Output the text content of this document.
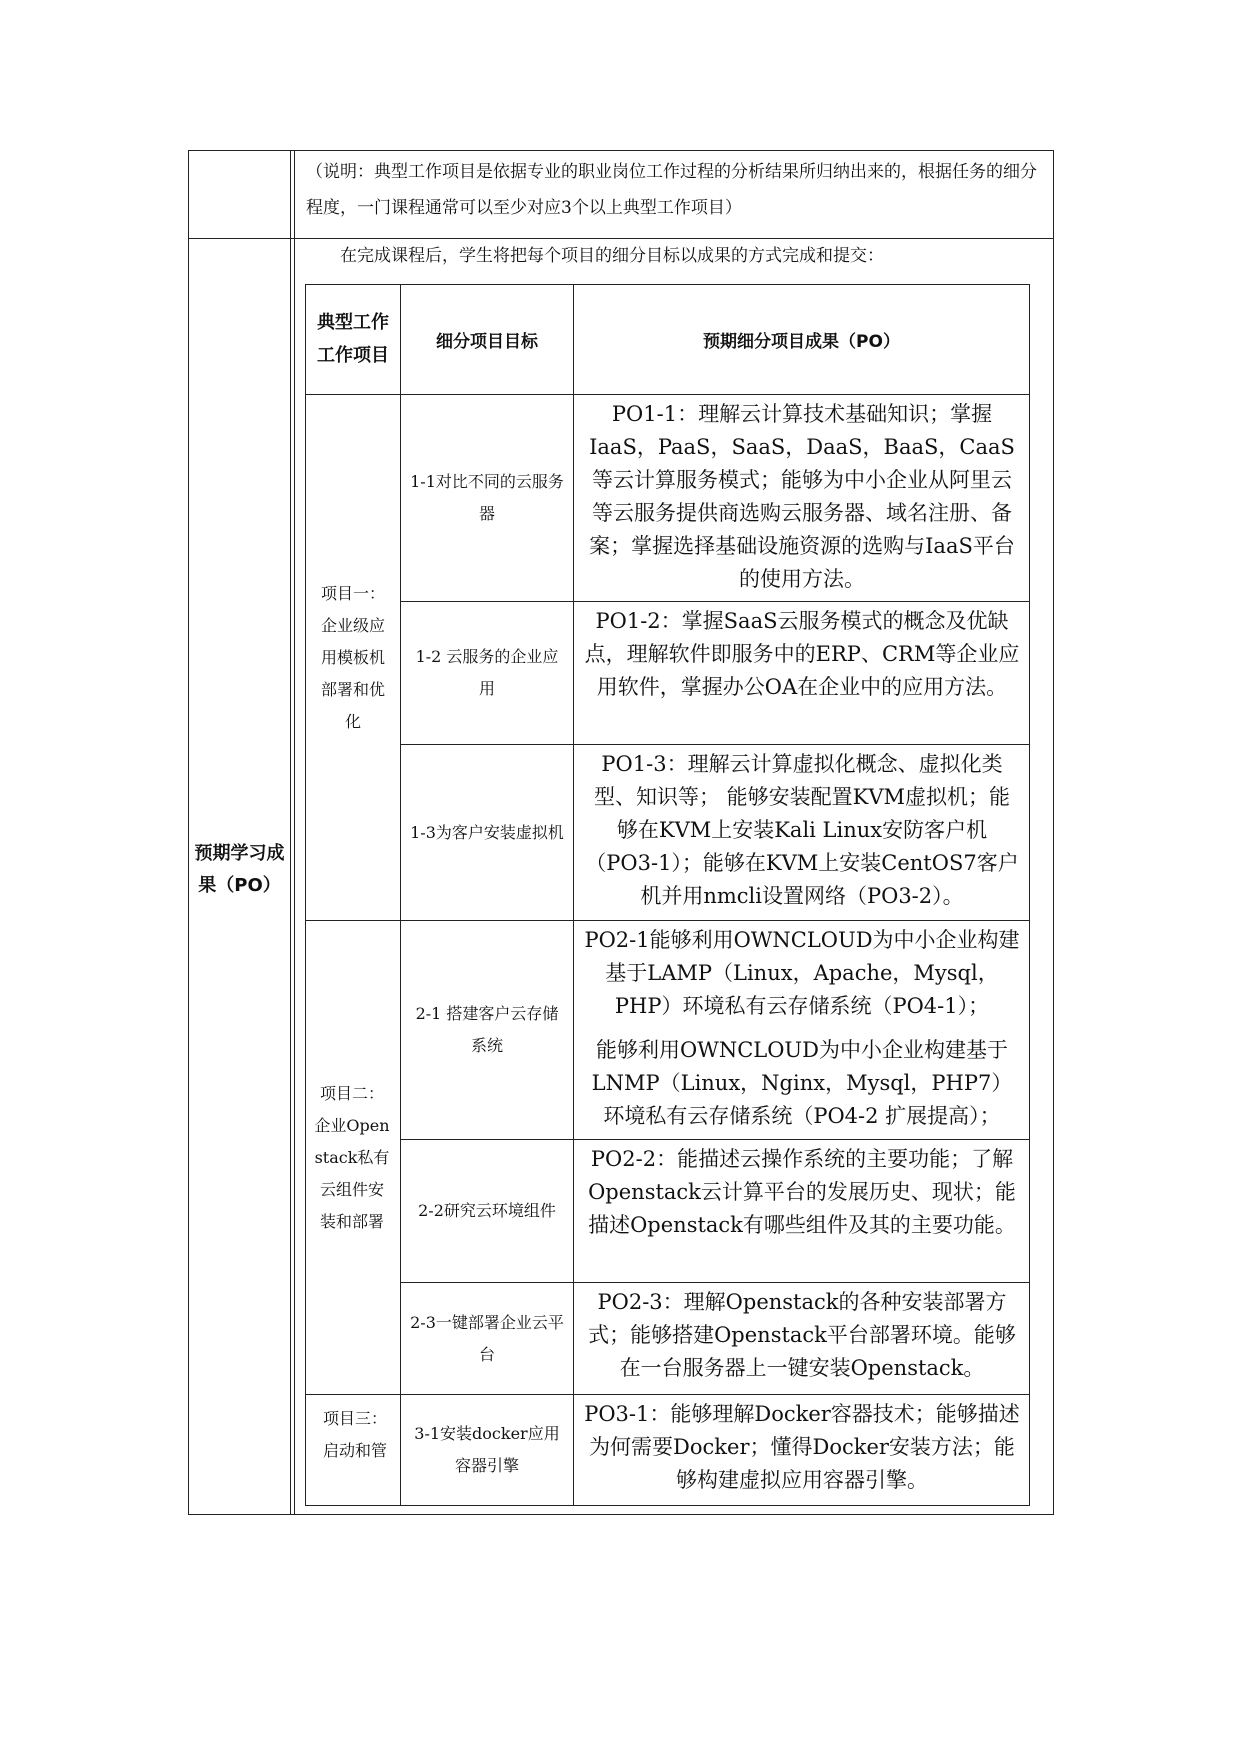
（说明：典型工作项目是依据专业的职业岗位工作过程的分析结果所归纳出来的，根据任务的细分程度，一门课程通常可以至少对应3个以上典型工作项目）
预期学习成果（PO）
在完成课程后，学生将把每个项目的细分目标以成果的方式完成和提交：
典型工作工作项目
细分项目目标	预期细分项目成果（PO）
项目一：企业级应用模板机部署和优化
项目二：企业Openstack私有云组件安装和部署
项目三：启动和管
1-1对比不同的云服务器
1-2 云服务的企业应用
1-3为客户安装虚拟机
2-1 搭建客户云存储系统
2-2研究云环境组件
2-3一键部署企业云平台
3-1安装docker应用容器引擎
PO1-1：理解云计算技术基础知识；掌握IaaS，PaaS，SaaS，DaaS，BaaS，CaaS等云计算服务模式；能够为中小企业从阿里云等云服务提供商选购云服务器、域名注册、备案；掌握选择基础设施资源的选购与IaaS平台的使用方法。
PO1-2：掌握SaaS云服务模式的概念及优缺点，理解软件即服务中的ERP、CRM等企业应用软件，掌握办公OA在企业中的应用方法。
PO1-3：理解云计算虚拟化概念、虚拟化类型、知识等； 能够安装配置KVM虚拟机；能够在KVM上安装Kali Linux安防客户机（PO3-1）；能够在KVM上安装CentOS7客户机并用nmcli设置网络（PO3-2）。
PO2-1能够利用OWNCLOUD为中小企业构建基于LAMP（Linux，Apache，Mysql，PHP）环境私有云存储系统（PO4-1）；
能够利用OWNCLOUD为中小企业构建基于LNMP（Linux，Nginx，Mysql，PHP7）环境私有云存储系统（PO4-2 扩展提高）；
PO2-2：能描述云操作系统的主要功能；了解Openstack云计算平台的发展历史、现状；能描述Openstack有哪些组件及其的主要功能。
PO2-3：理解Openstack的各种安装部署方式；能够搭建Openstack平台部署环境。能够在一台服务器上一键安装Openstack。
PO3-1：能够理解Docker容器技术；能够描述为何需要Docker；懂得Docker安装方法；能够构建虚拟应用容器引擎。
